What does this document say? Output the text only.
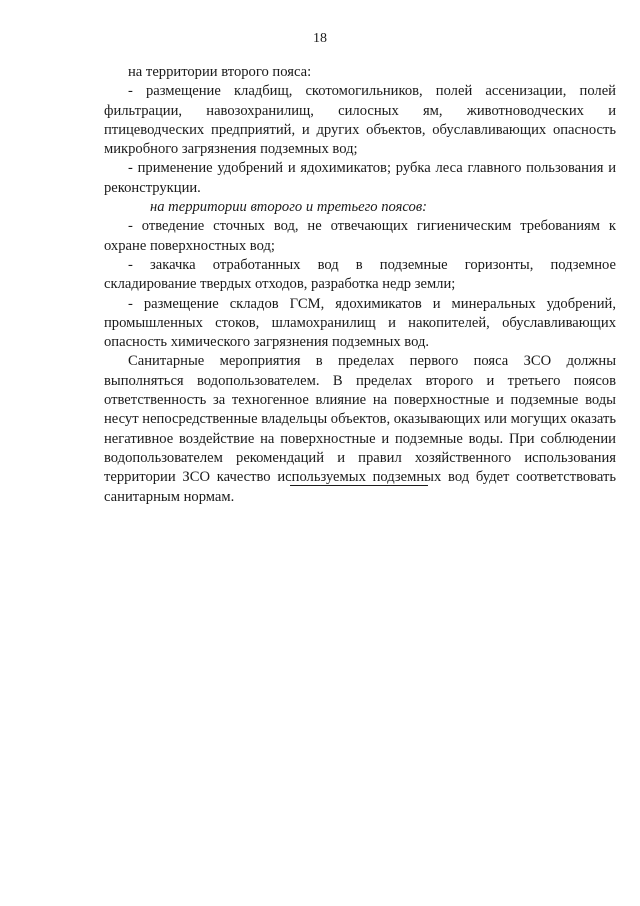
18

на территории второго пояса:

- размещение кладбищ, скотомогильников, полей ассенизации, полей фильтрации, навозохранилищ, силосных ям, животноводческих и птицеводческих предприятий, и других объектов, обуславливающих опасность микробного загрязнения подземных вод;

- применение удобрений и ядохимикатов; рубка леса главного пользования и реконструкции.

на территории второго и третьего поясов:

- отведение сточных вод, не отвечающих гигиеническим требованиям к охране поверхностных вод;

- закачка отработанных вод в подземные горизонты, подземное складирование твердых отходов, разработка недр земли;

- размещение складов ГСМ, ядохимикатов и минеральных удобрений, промышленных стоков, шламохранилищ и накопителей, обуславливающих опасность химического загрязнения подземных вод.

Санитарные мероприятия в пределах первого пояса ЗСО должны выполняться водопользователем. В пределах второго и третьего поясов ответственность за техногенное влияние на поверхностные и подземные воды несут непосредственные владельцы объектов, оказывающих или могущих оказать негативное воздействие на поверхностные и подземные воды. При соблюдении водопользователем рекомендаций и правил хозяйственного использования территории ЗСО качество используемых подземных вод будет соответствовать санитарным нормам.
